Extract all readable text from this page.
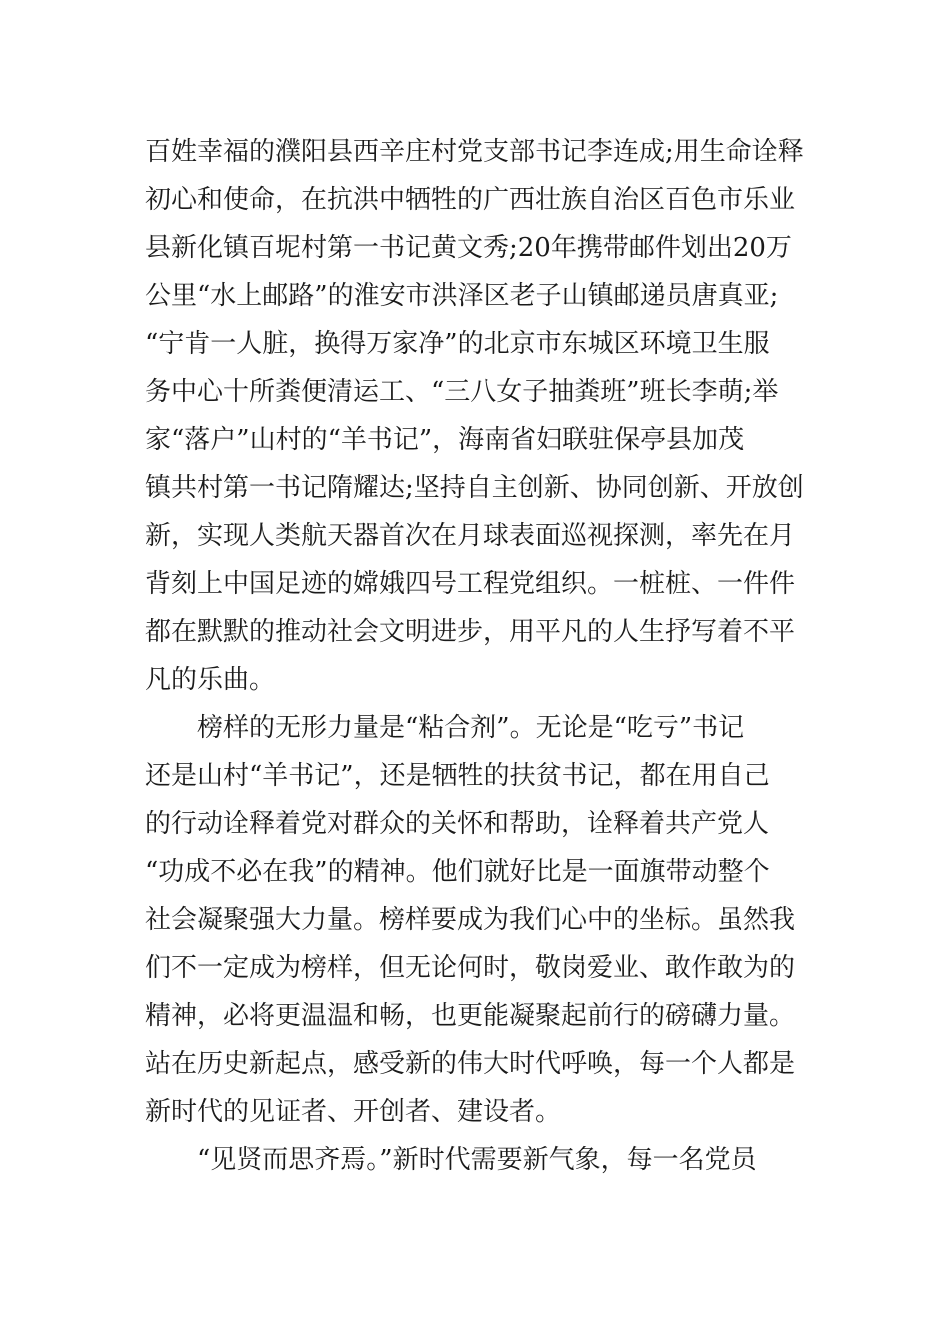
百姓幸福的濮阳县西辛庄村党支部书记李连成;用生命诠释
初心和使命，在抗洪中牺牲的广西壮族自治区百色市乐业
县新化镇百坭村第一书记黄文秀;20年携带邮件划出20万
公里“水上邮路”的淮安市洪泽区老子山镇邮递员唐真亚;
“宁肯一人脏，换得万家净”的北京市东城区环境卫生服
务中心十所粪便清运工、“三八女子抽粪班”班长李萌;举
家“落户”山村的“羊书记”，海南省妇联驻保亭县加茂
镇共村第一书记隋耀达;坚持自主创新、协同创新、开放创
新，实现人类航天器首次在月球表面巡视探测，率先在月
背刻上中国足迹的嫦娥四号工程党组织。一桩桩、一件件
都在默默的推动社会文明进步，用平凡的人生抒写着不平
凡的乐曲。
　　榜样的无形力量是“粘合剂”。无论是“吃亏”书记
还是山村“羊书记”，还是牺牲的扶贫书记，都在用自己
的行动诠释着党对群众的关怀和帮助，诠释着共产党人
“功成不必在我”的精神。他们就好比是一面旗带动整个
社会凝聚强大力量。榜样要成为我们心中的坐标。虽然我
们不一定成为榜样，但无论何时，敬岗爱业、敢作敢为的
精神，必将更温温和畅，也更能凝聚起前行的磅礴力量。
站在历史新起点，感受新的伟大时代呼唤，每一个人都是
新时代的见证者、开创者、建设者。
　　“见贤而思齐焉。”新时代需要新气象，每一名党员
